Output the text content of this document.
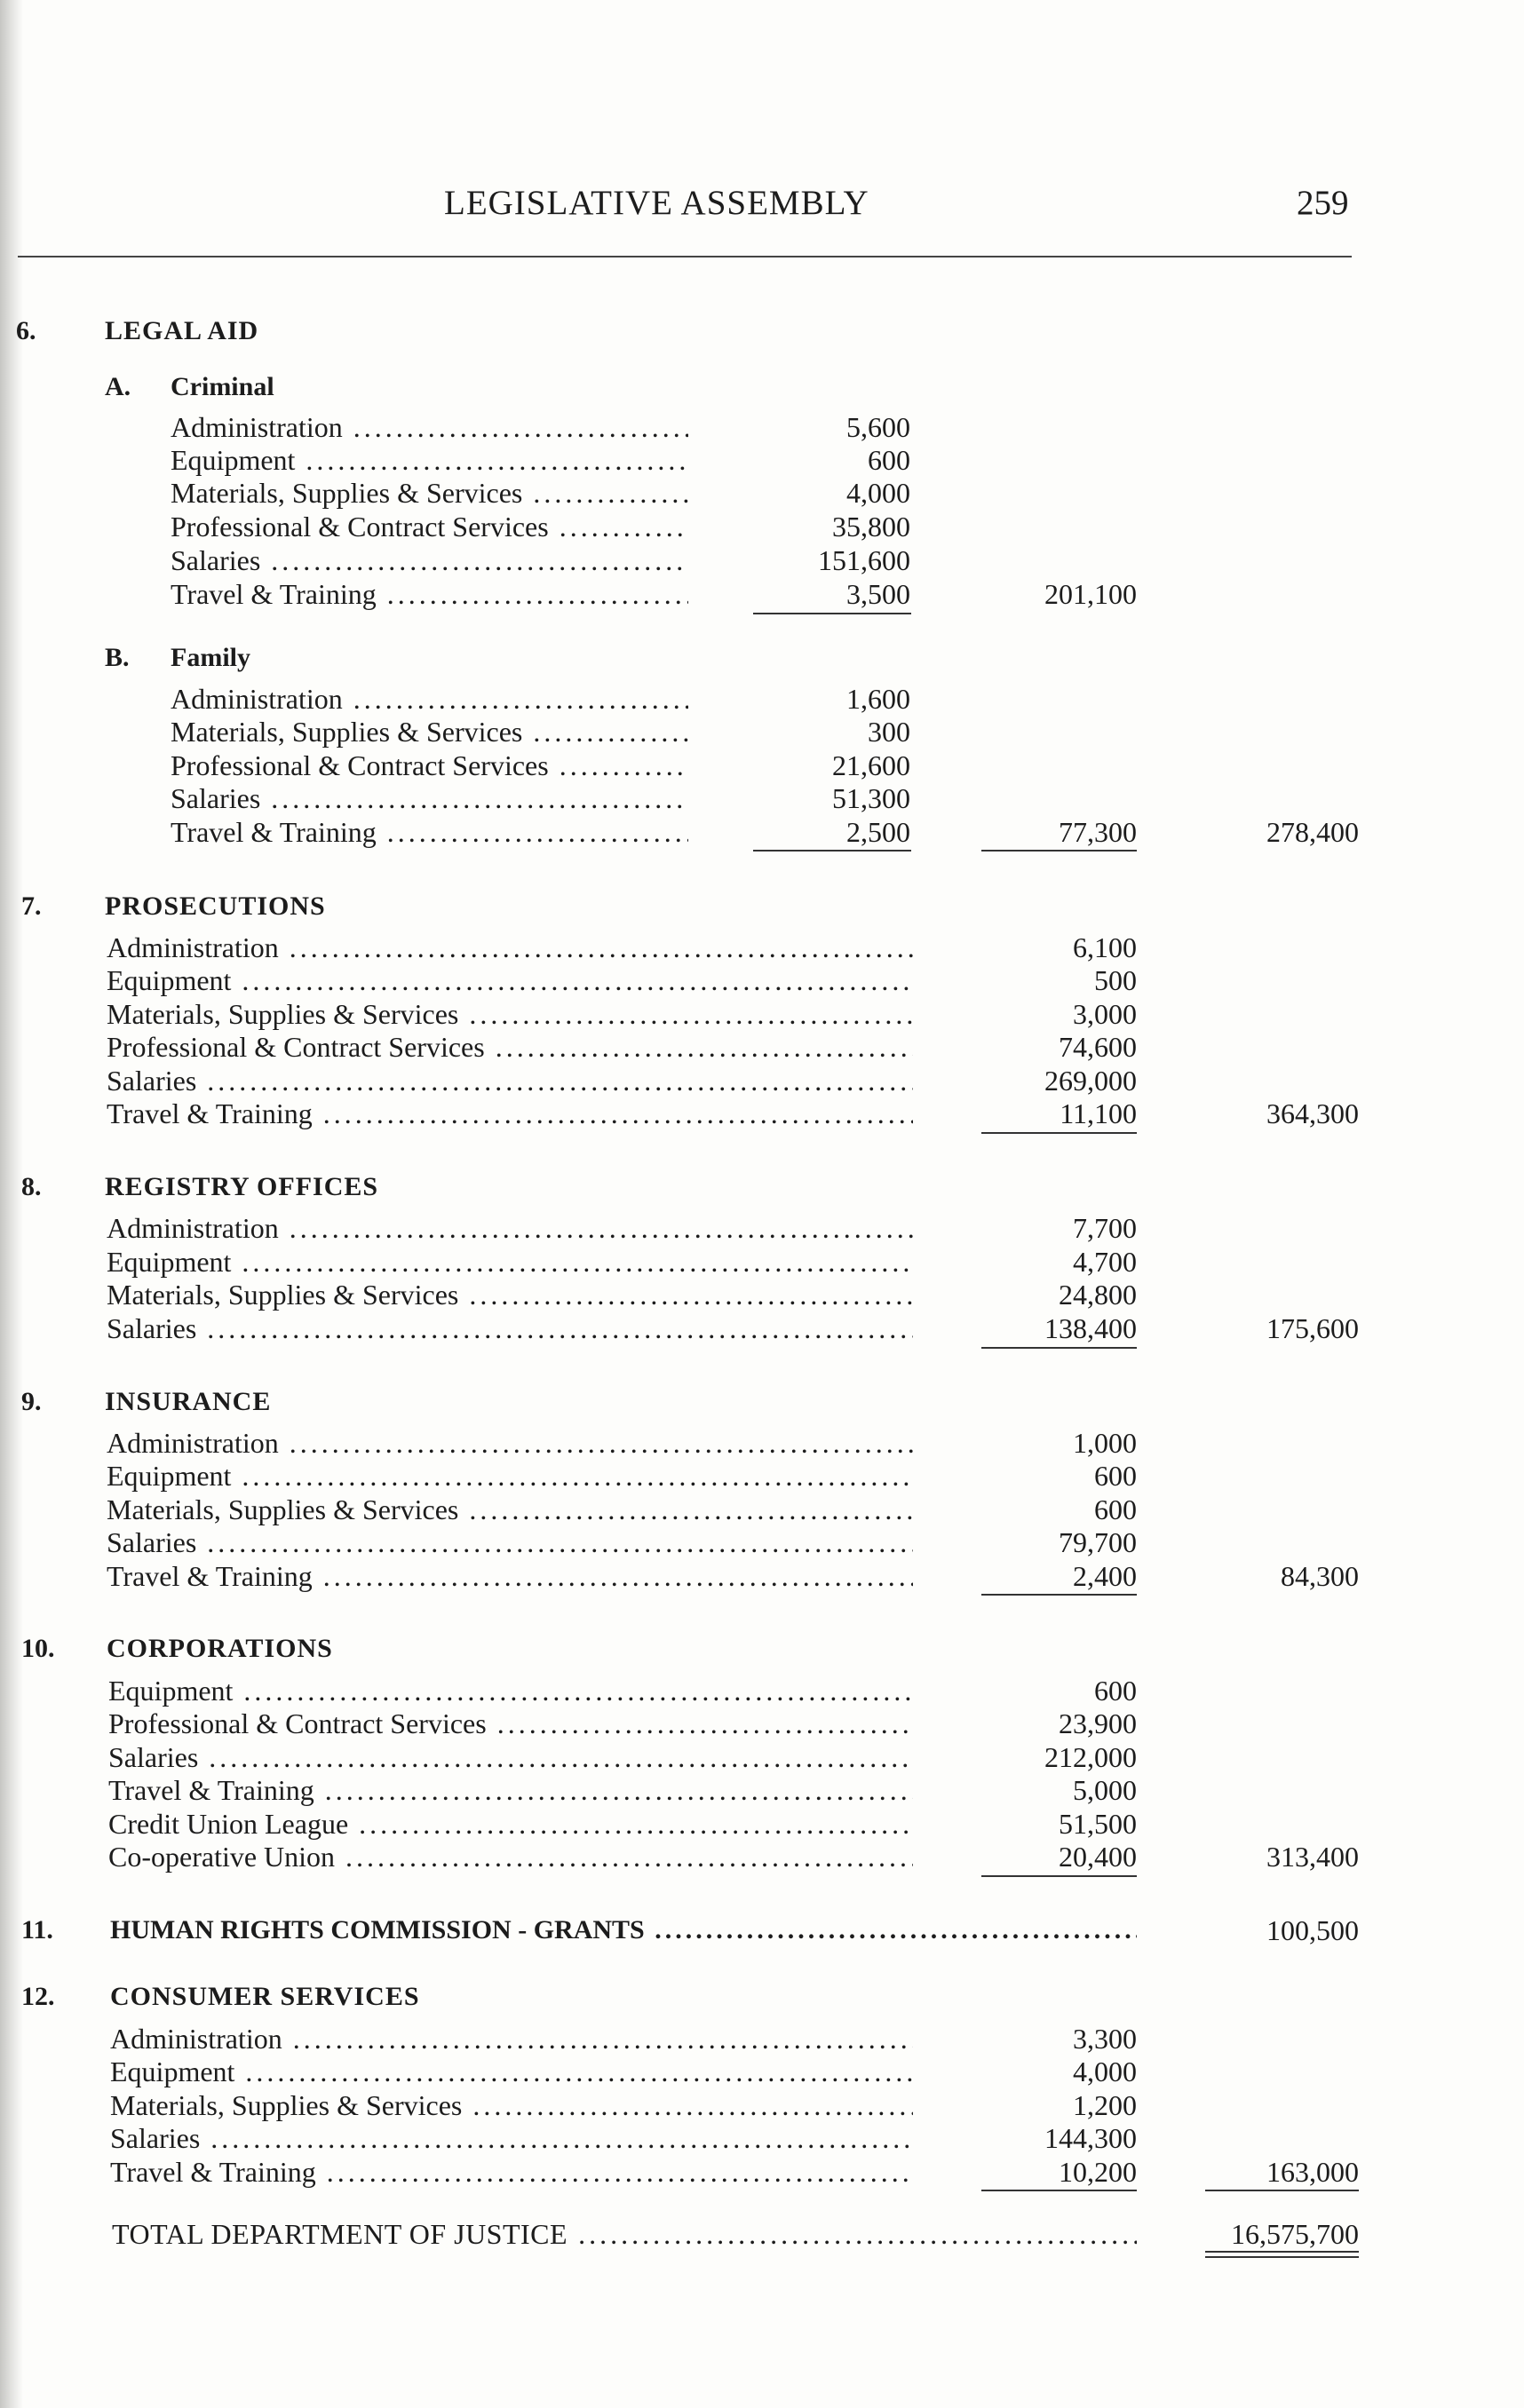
LEGISLATIVE ASSEMBLY	259
6.	LEGAL AID
A. Criminal
Administration .....	5,600
Equipment .....	600
Materials, Supplies & Services .....	4,000
Professional & Contract Services .....	35,800
Salaries .....	151,600
Travel & Training .....	3,500	201,100
B. Family
Administration .....	1,600
Materials, Supplies & Services .....	300
Professional & Contract Services .....	21,600
Salaries .....	51,300
Travel & Training .....	2,500	77,300	278,400
7. PROSECUTIONS
Administration .....	6,100
Equipment .....	500
Materials, Supplies & Services .....	3,000
Professional & Contract Services .....	74,600
Salaries .....	269,000
Travel & Training .....	11,100	364,300
8. REGISTRY OFFICES
Administration .....	7,700
Equipment .....	4,700
Materials, Supplies & Services .....	24,800
Salaries .....	138,400	175,600
9. INSURANCE
Administration .....	1,000
Equipment .....	600
Materials, Supplies & Services .....	600
Salaries .....	79,700
Travel & Training .....	2,400	84,300
10. CORPORATIONS
Equipment .....	600
Professional & Contract Services .....	23,900
Salaries .....	212,000
Travel & Training .....	5,000
Credit Union League .....	51,500
Co-operative Union .....	20,400	313,400
11. HUMAN RIGHTS COMMISSION - GRANTS .....	100,500
12. CONSUMER SERVICES
Administration .....	3,300
Equipment .....	4,000
Materials, Supplies & Services .....	1,200
Salaries .....	144,300
Travel & Training .....	10,200	163,000
TOTAL DEPARTMENT OF JUSTICE .....	16,575,700
